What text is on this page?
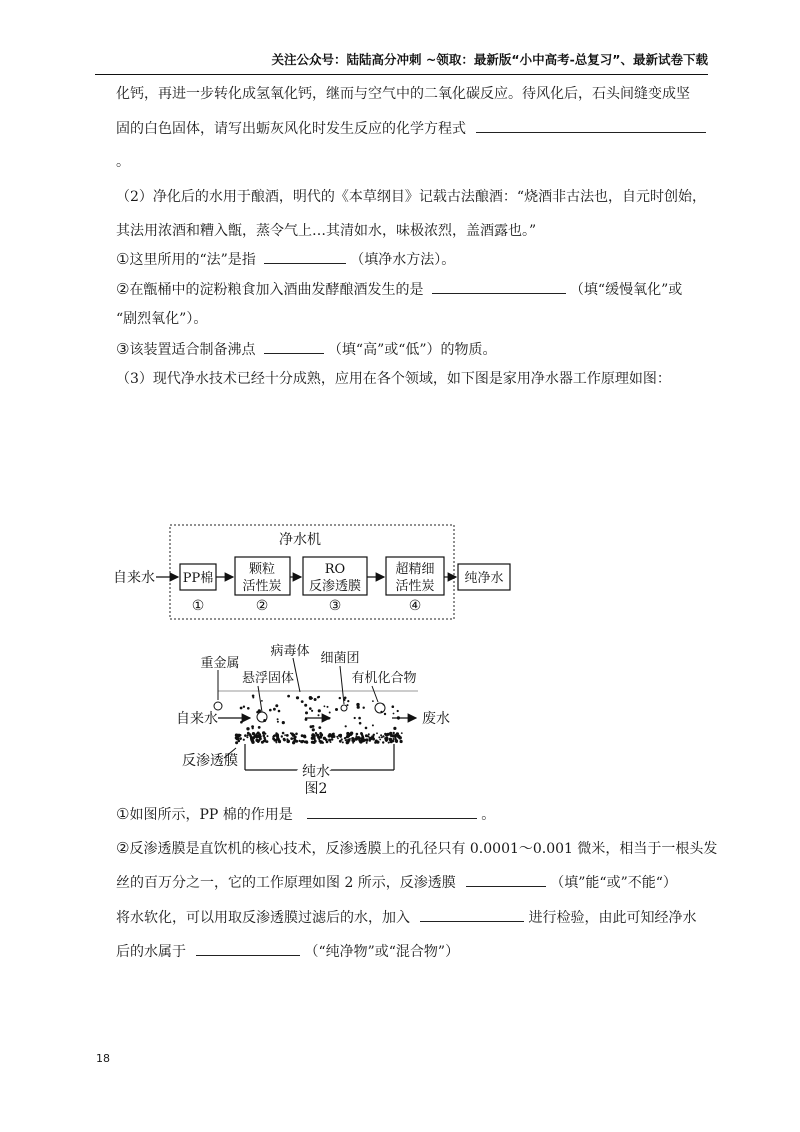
关注公众号：陆陆高分冲刺 ~领取：最新版“小中高考-总复习”、最新试卷下载
化钙，再进一步转化成氢氧化钙，继而与空气中的二氧化碳反应。待风化后，石头间缝变成坚
固的白色固体，请写出蛎灰风化时发生反应的化学方程式
。
（2）净化后的水用于酿酒，明代的《本草纲目》记载古法酿酒：“烧酒非古法也，自元时创始，
其法用浓酒和糟入甑，蒸令气上…其清如水，味极浓烈，盖酒露也。”
①这里所用的“法”是指	（填净水方法）。
②在甑桶中的淀粉粮食加入酒曲发酵酿酒发生的是	（填“缓慢氧化”或
“剧烈氧化”）。
③该装置适合制备沸点	（填“高”或“低”）的物质。
（3）现代净水技术已经十分成熟，应用在各个领域，如下图是家用净水器工作原理如图：
净水机
自来水 PP棉
①
颗粒
活性炭
②
RO
反渗透膜
③
超精细
活性炭
④
纯净水
重金属
病毒体 细菌团
悬浮固体	有机化合物
自来水	废水
反渗透膜
纯水
图2
①如图所示，PP 棉的作用是	。
②反渗透膜是直饮机的核心技术，反渗透膜上的孔径只有 0.0001～0.001 微米，相当于一根头发
丝的百万分之一，它的工作原理如图 2 所示，反渗透膜	（填”能“或”不能“）
将水软化，可以用取反渗透膜过滤后的水，加入	进行检验，由此可知经净水
后的水属于	（“纯净物”或“混合物”）
18
